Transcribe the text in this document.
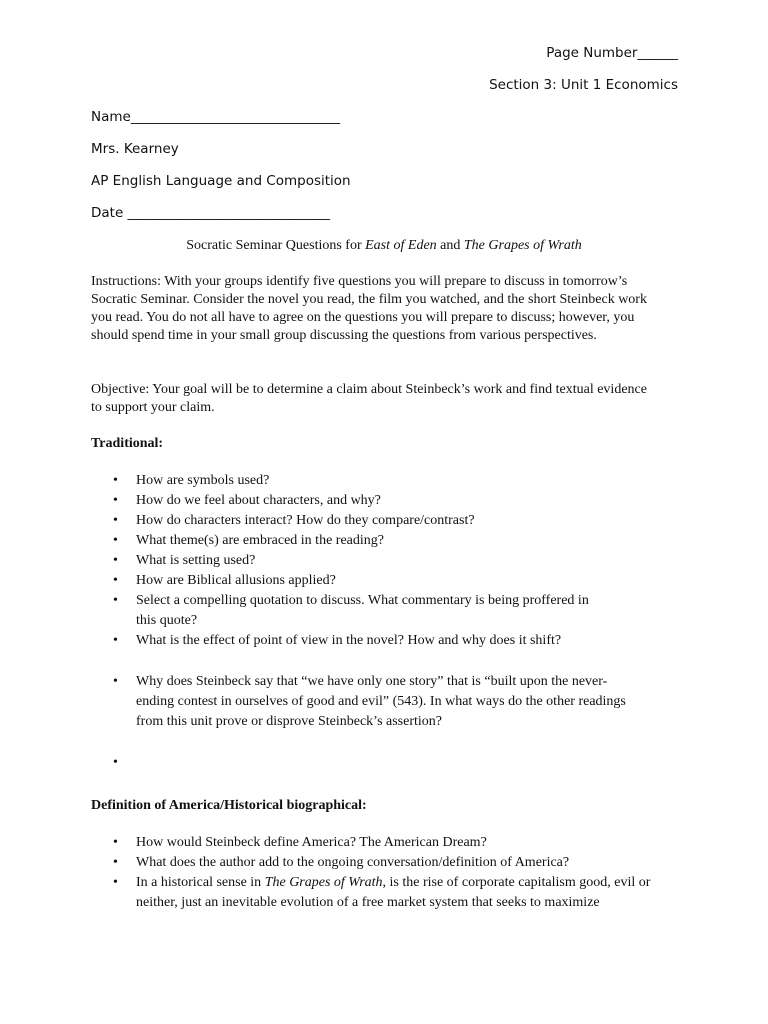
Page Number______
Section 3: Unit 1 Economics
Name_______________________________
Mrs. Kearney
AP English Language and Composition
Date ______________________________
Socratic Seminar Questions for East of Eden and The Grapes of Wrath
Instructions: With your groups identify five questions you will prepare to discuss in tomorrow’s Socratic Seminar. Consider the novel you read, the film you watched, and the short Steinbeck work you read. You do not all have to agree on the questions you will prepare to discuss; however, you should spend time in your small group discussing the questions from various perspectives.
Objective: Your goal will be to determine a claim about Steinbeck’s work and find textual evidence to support your claim.
Traditional:
• How are symbols used?
• How do we feel about characters, and why?
• How do characters interact? How do they compare/contrast?
• What theme(s) are embraced in the reading?
• What is setting used?
• How are Biblical allusions applied?
• Select a compelling quotation to discuss. What commentary is being proffered in this quote?
• What is the effect of point of view in the novel? How and why does it shift?
• Why does Steinbeck say that “we have only one story” that is “built upon the never-ending contest in ourselves of good and evil” (543). In what ways do the other readings from this unit prove or disprove Steinbeck’s assertion?
•
Definition of America/Historical biographical:
• How would Steinbeck define America? The American Dream?
• What does the author add to the ongoing conversation/definition of America?
• In a historical sense in The Grapes of Wrath, is the rise of corporate capitalism good, evil or neither, just an inevitable evolution of a free market system that seeks to maximize
